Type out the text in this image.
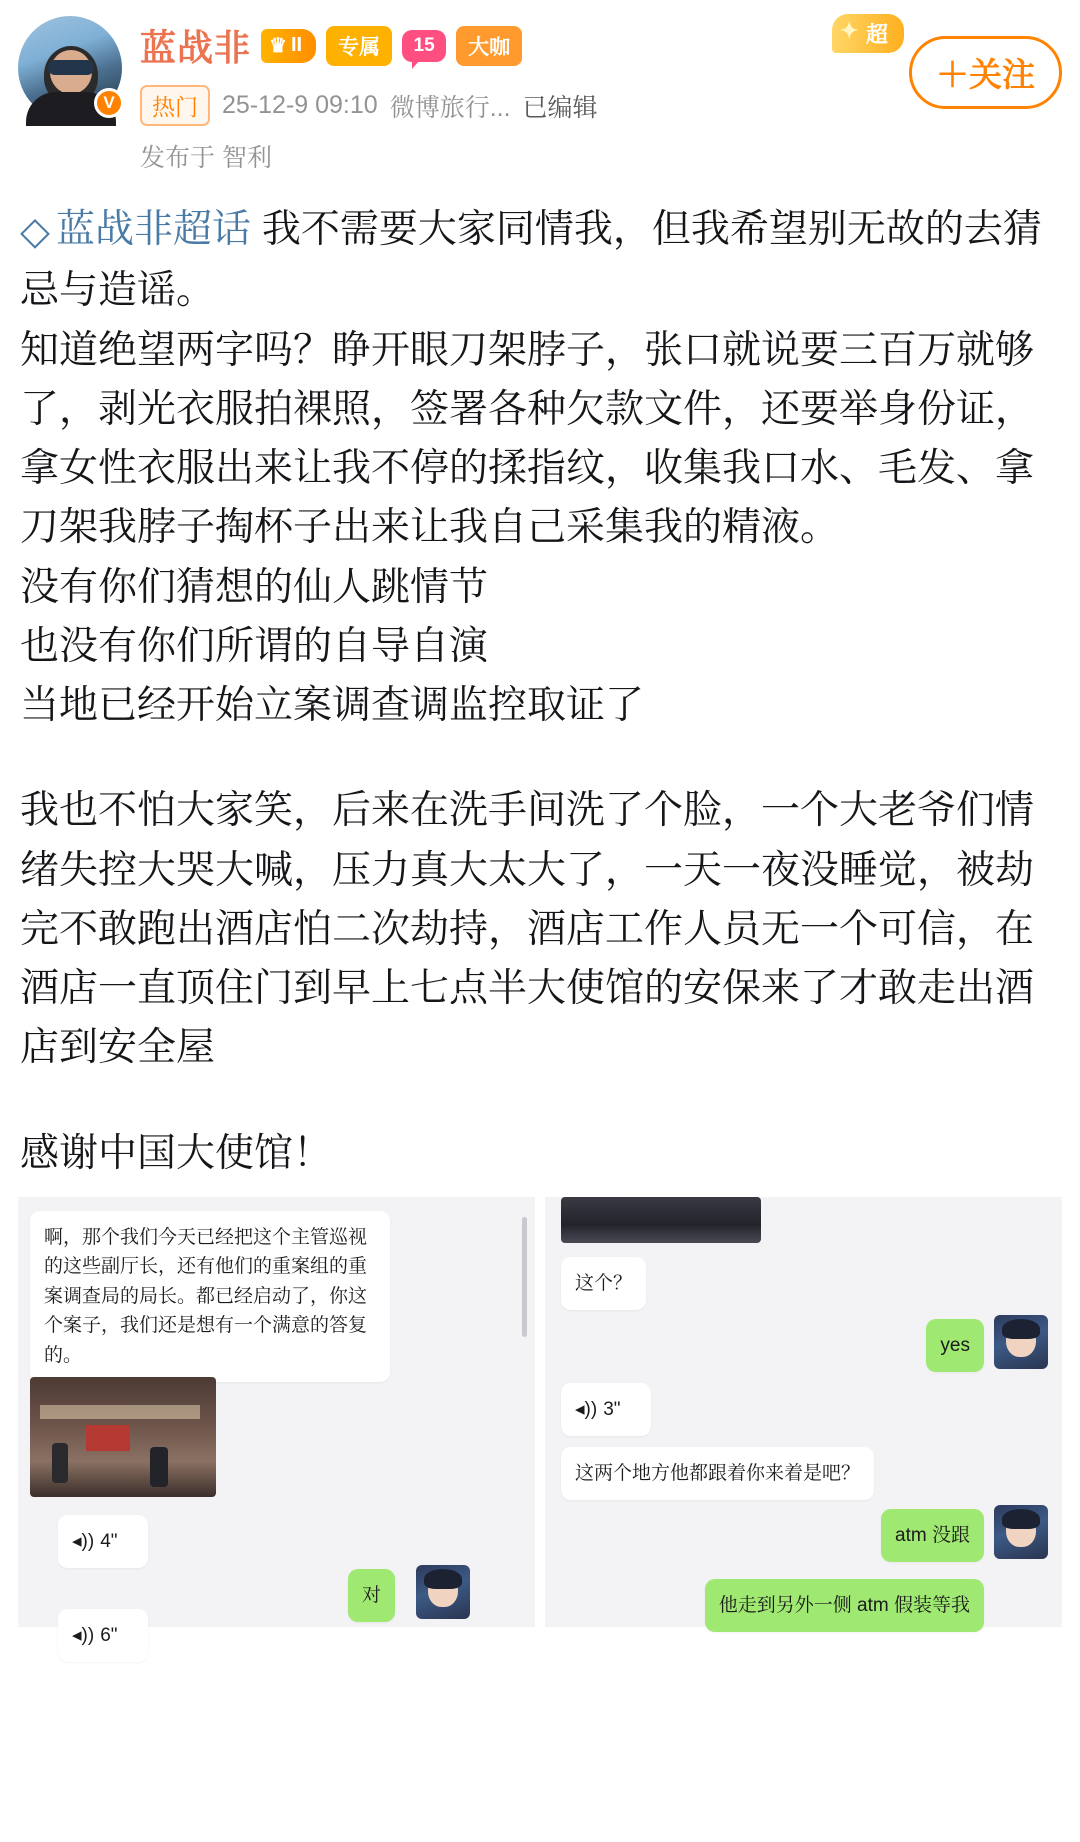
V
蓝战非 ♛ II	专属	15	大咖
热门 25-12-9 09:10 微博旅行... 已编辑
发布于 智利
✦ 超
＋关注

◇ 蓝战非超话 我不需要大家同情我，但我希望别无故的去猜忌与造谣。

知道绝望两字吗？睁开眼刀架脖子，张口就说要三百万就够了，剥光衣服拍裸照，签署各种欠款文件，还要举身份证，拿女性衣服出来让我不停的揉指纹，收集我口水、毛发、拿刀架我脖子掏杯子出来让我自己采集我的精液。

没有你们猜想的仙人跳情节

也没有你们所谓的自导自演

当地已经开始立案调查调监控取证了

我也不怕大家笑，后来在洗手间洗了个脸，一个大老爷们情绪失控大哭大喊，压力真大太大了，一天一夜没睡觉，被劫完不敢跑出酒店怕二次劫持，酒店工作人员无一个可信，在酒店一直顶住门到早上七点半大使馆的安保来了才敢走出酒店到安全屋

感谢中国大使馆！

啊，那个我们今天已经把这个主管巡视的这些副厅长，还有他们的重案组的重案调查局的局长。都已经启动了，你这个案子，我们还是想有一个满意的答复的。
◂)) 4"
对
◂)) 6"
这个？
yes
◂)) 3"
这两个地方他都跟着你来着是吧？
atm 没跟
他走到另外一侧 atm 假装等我
